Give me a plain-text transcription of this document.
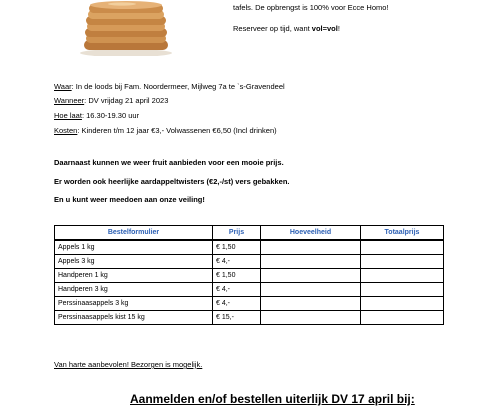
tafels. De opbrengst is 100% voor Ecce Homo!
Reserveer op tijd, want vol=vol!
Waar: In de loods bij Fam. Noordermeer, Mijlweg 7a te `s-Gravendeel
Wanneer: DV vrijdag 21 april 2023
Hoe laat: 16.30-19.30 uur
Kosten: Kinderen t/m 12 jaar €3,- Volwassenen €6,50 (Incl drinken)
Daarnaast kunnen we weer fruit aanbieden voor een mooie prijs.
Er worden ook heerlijke aardappeltwisters (€2,-/st) vers gebakken.
En u kunt weer meedoen aan onze veiling!
Bestelformulier	Prijs	Hoeveelheid	Totaalprijs
Appels 1 kg	€ 1,50		
Appels 3 kg	€ 4,-		
Handperen 1 kg	€ 1,50		
Handperen 3 kg	€ 4,-		
Perssinaasappels 3 kg	€ 4,-		
Perssinaasappels kist 15 kg	€ 15,-		
Van harte aanbevolen! Bezorgen is mogelijk.
Aanmelden en/of bestellen uiterlijk DV 17 april bij:
